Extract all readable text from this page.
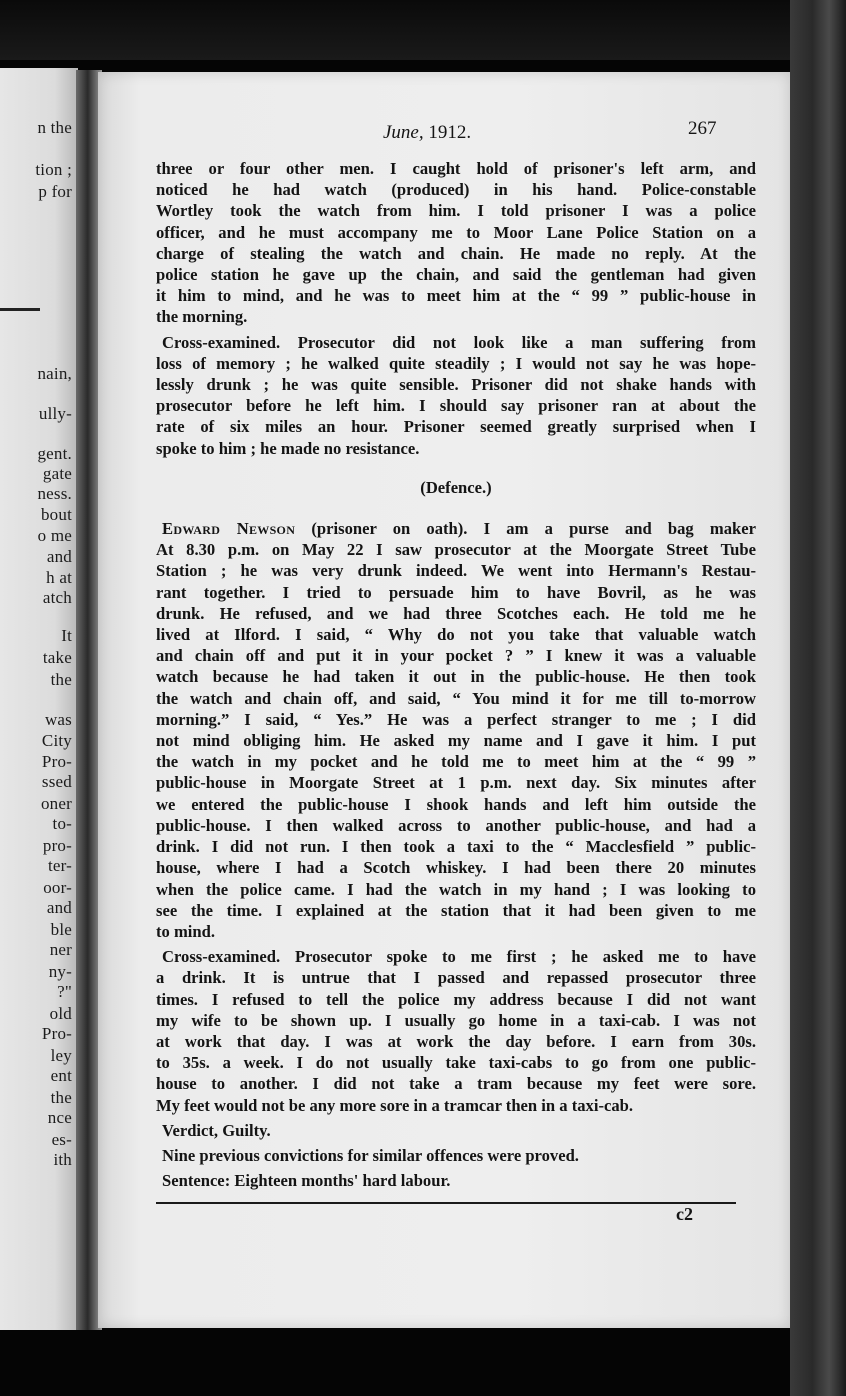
n the
tion ;
p for
nain,
ully-
gent.
gate
ness.
bout
o me
and
h at
atch
It
take
the
was
City
Pro-
ssed
oner
to-
pro-
ter-
oor-
and
ble
ner
ny-
?"
old
Pro-
ley
ent
the
nce
es-
ith
June, 1912.	267
three or four other men. I caught hold of prisoner's left arm, and
noticed he had watch (produced) in his hand. Police-constable
Wortley took the watch from him. I told prisoner I was a police
officer, and he must accompany me to Moor Lane Police Station on a
charge of stealing the watch and chain. He made no reply. At the
police station he gave up the chain, and said the gentleman had given
it him to mind, and he was to meet him at the “ 99 ” public-house in
the morning.
Cross-examined. Prosecutor did not look like a man suffering from
loss of memory ; he walked quite steadily ; I would not say he was hope-
lessly drunk ; he was quite sensible. Prisoner did not shake hands with
prosecutor before he left him. I should say prisoner ran at about the
rate of six miles an hour. Prisoner seemed greatly surprised when I
spoke to him ; he made no resistance.
(Defence.)
Edward Newson (prisoner on oath). I am a purse and bag maker
At 8.30 p.m. on May 22 I saw prosecutor at the Moorgate Street Tube
Station ; he was very drunk indeed. We went into Hermann's Restau-
rant together. I tried to persuade him to have Bovril, as he was
drunk. He refused, and we had three Scotches each. He told me he
lived at Ilford. I said, “ Why do not you take that valuable watch
and chain off and put it in your pocket ? ” I knew it was a valuable
watch because he had taken it out in the public-house. He then took
the watch and chain off, and said, “ You mind it for me till to-morrow
morning.” I said, “ Yes.” He was a perfect stranger to me ; I did
not mind obliging him. He asked my name and I gave it him. I put
the watch in my pocket and he told me to meet him at the “ 99 ”
public-house in Moorgate Street at 1 p.m. next day. Six minutes after
we entered the public-house I shook hands and left him outside the
public-house. I then walked across to another public-house, and had a
drink. I did not run. I then took a taxi to the “ Macclesfield ” public-
house, where I had a Scotch whiskey. I had been there 20 minutes
when the police came. I had the watch in my hand ; I was looking to
see the time. I explained at the station that it had been given to me
to mind.
Cross-examined. Prosecutor spoke to me first ; he asked me to have
a drink. It is untrue that I passed and repassed prosecutor three
times. I refused to tell the police my address because I did not want
my wife to be shown up. I usually go home in a taxi-cab. I was not
at work that day. I was at work the day before. I earn from 30s.
to 35s. a week. I do not usually take taxi-cabs to go from one public-
house to another. I did not take a tram because my feet were sore.
My feet would not be any more sore in a tramcar then in a taxi-cab.
Verdict, Guilty.
Nine previous convictions for similar offences were proved.
Sentence: Eighteen months' hard labour.
c2
